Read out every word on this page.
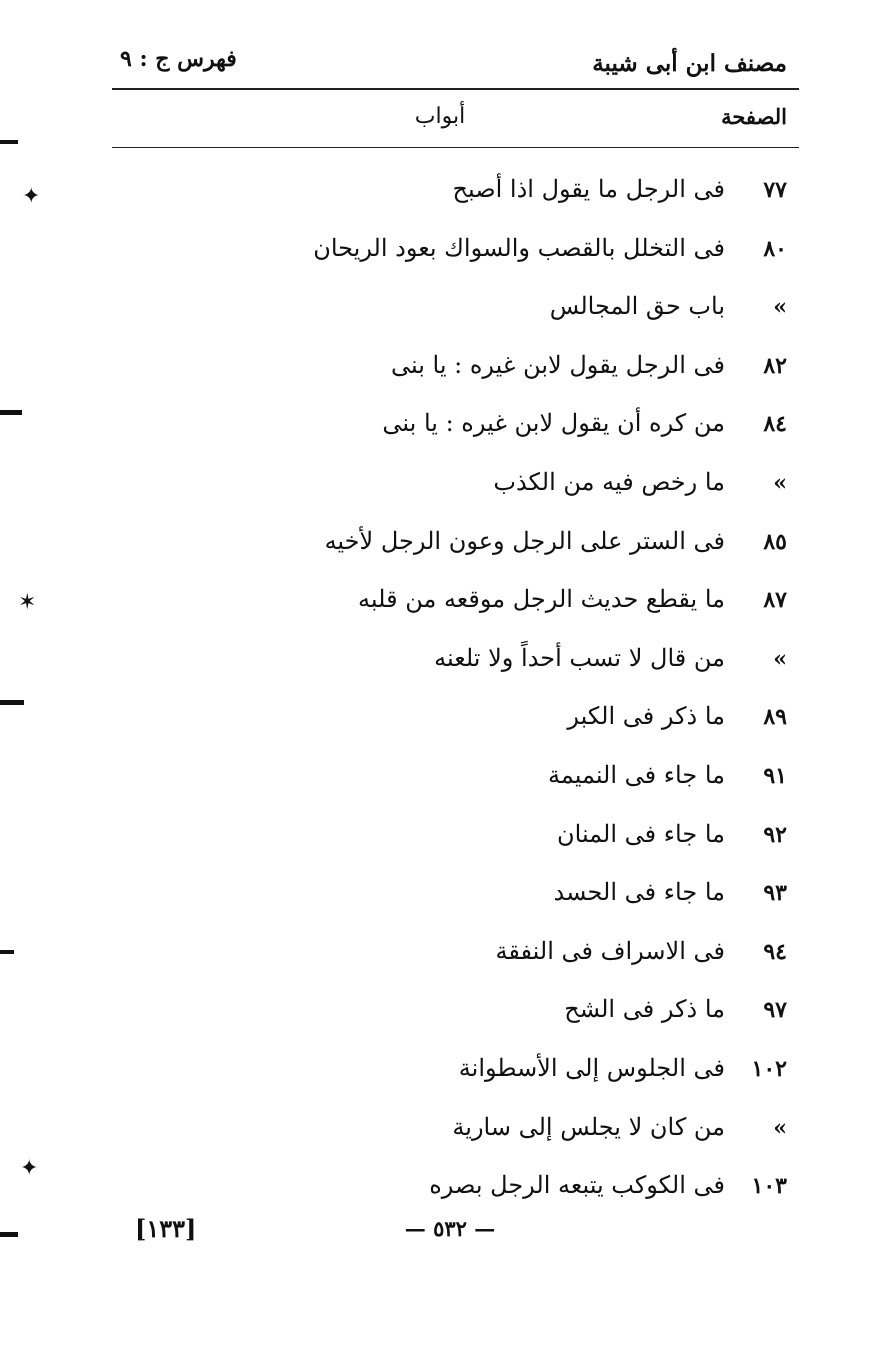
فهرس ج : ٩	مصنف ابن أبى شيبة
أبواب	الصفحة
٧٧
فى الرجل ما يقول اذا أصبح
٨٠
فى التخلل بالقصب والسواك بعود الريحان
»
باب حق المجالس
٨٢
فى الرجل يقول لابن غيره : يا بنى
٨٤
من كره أن يقول لابن غيره : يا بنى
»
ما رخص فيه من الكذب
٨٥
فى الستر على الرجل وعون الرجل لأخيه
٨٧
ما يقطع حديث الرجل موقعه من قلبه
»
من قال لا تسب أحداً ولا تلعنه
٨٩
ما ذكر فى الكبر
٩١
ما جاء فى النميمة
٩٢
ما جاء فى المنان
٩٣
ما جاء فى الحسد
٩٤
فى الاسراف فى النفقة
٩٧
ما ذكر فى الشح
١٠٢
فى الجلوس إلى الأسطوانة
»
من كان لا يجلس إلى سارية
١٠٣
فى الكوكب يتبعه الرجل بصره
— ٥٣٢ —
[١٣٣]
✦
✶
✦
